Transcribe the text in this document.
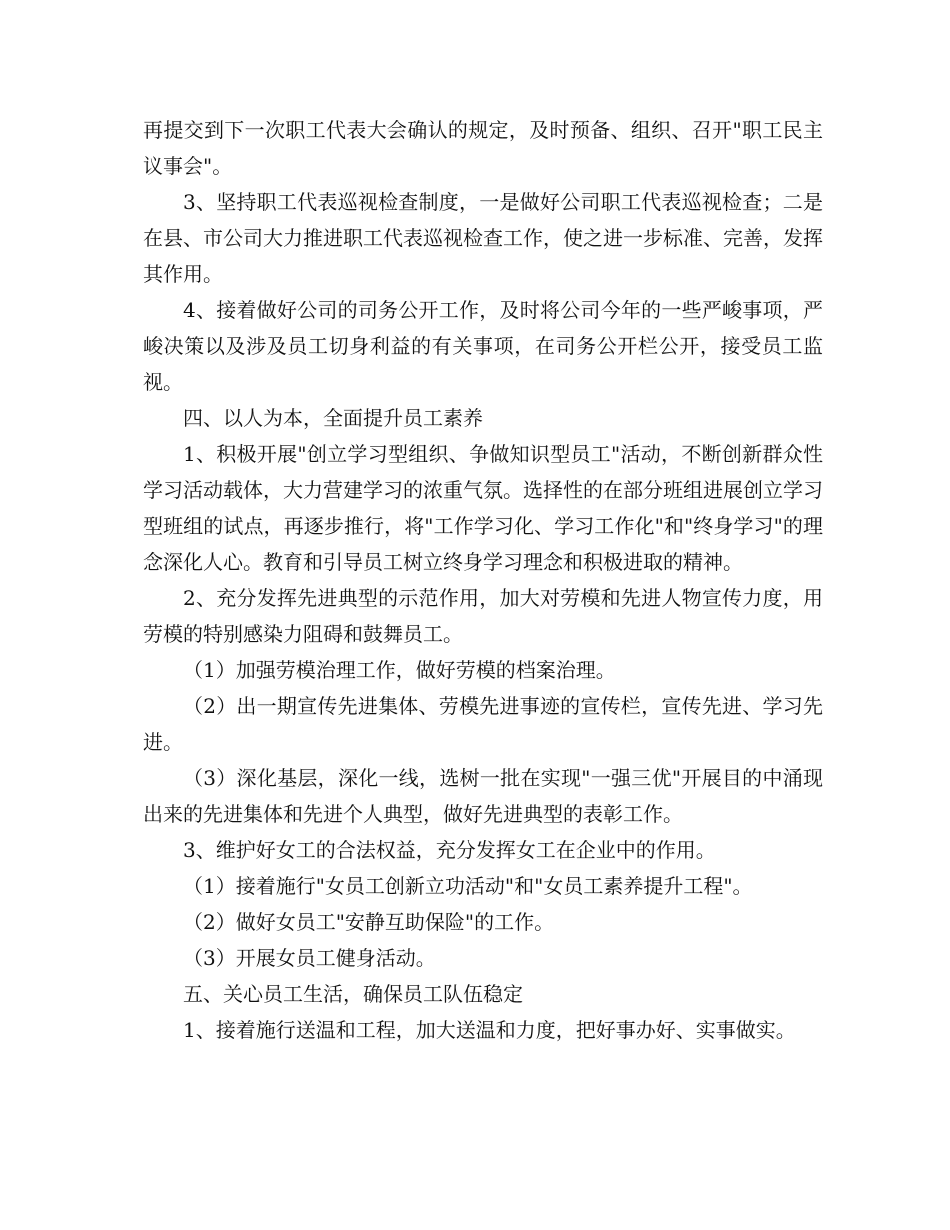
再提交到下一次职工代表大会确认的规定，及时预备、组织、召开"职工民主议事会"。

3、坚持职工代表巡视检查制度，一是做好公司职工代表巡视检查；二是在县、市公司大力推进职工代表巡视检查工作，使之进一步标准、完善，发挥其作用。

4、接着做好公司的司务公开工作，及时将公司今年的一些严峻事项，严峻决策以及涉及员工切身利益的有关事项，在司务公开栏公开，接受员工监视。

四、以人为本，全面提升员工素养

1、积极开展"创立学习型组织、争做知识型员工"活动，不断创新群众性学习活动载体，大力营建学习的浓重气氛。选择性的在部分班组进展创立学习型班组的试点，再逐步推行，将"工作学习化、学习工作化"和"终身学习"的理念深化人心。教育和引导员工树立终身学习理念和积极进取的精神。

2、充分发挥先进典型的示范作用，加大对劳模和先进人物宣传力度，用劳模的特别感染力阻碍和鼓舞员工。

（1）加强劳模治理工作，做好劳模的档案治理。

（2）出一期宣传先进集体、劳模先进事迹的宣传栏，宣传先进、学习先进。

（3）深化基层，深化一线，选树一批在实现"一强三优"开展目的中涌现出来的先进集体和先进个人典型，做好先进典型的表彰工作。

3、维护好女工的合法权益，充分发挥女工在企业中的作用。

（1）接着施行"女员工创新立功活动"和"女员工素养提升工程"。

（2）做好女员工"安静互助保险"的工作。

（3）开展女员工健身活动。

五、关心员工生活，确保员工队伍稳定

1、接着施行送温和工程，加大送温和力度，把好事办好、实事做实。
